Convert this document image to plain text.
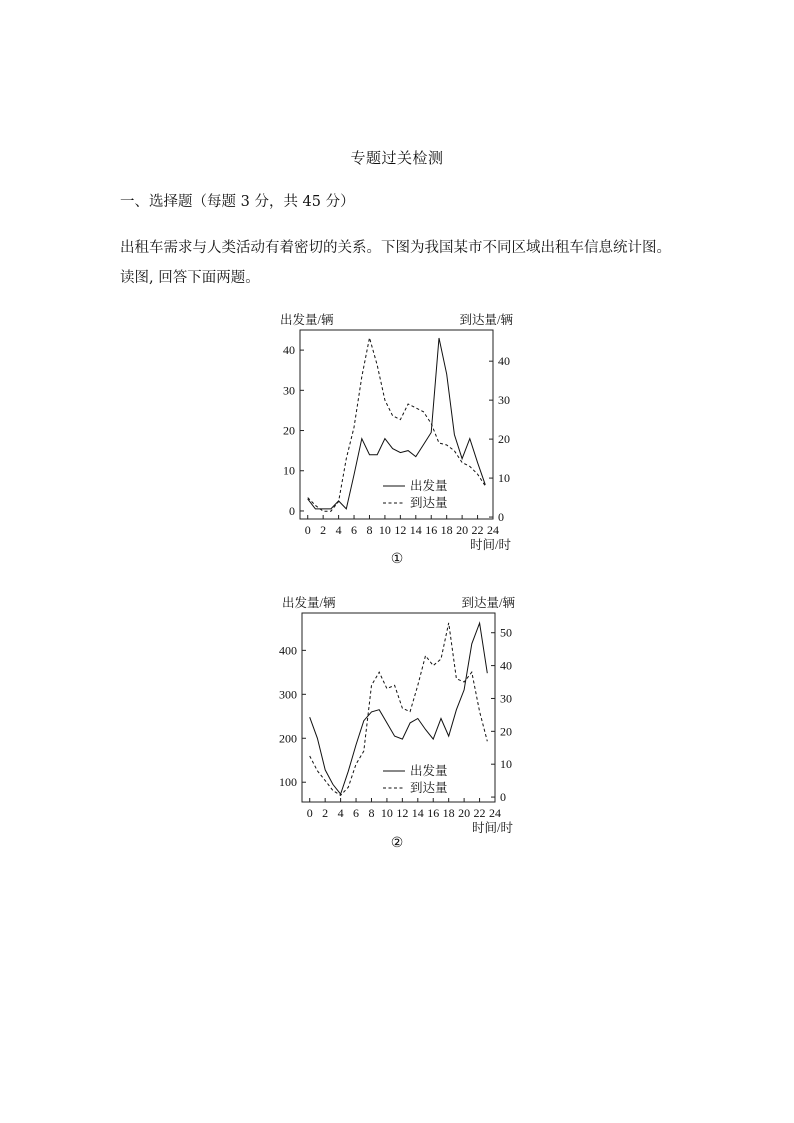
专题过关检测
一、选择题（每题 3 分，共 45 分）
出租车需求与人类活动有着密切的关系。下图为我国某市不同区域出租车信息统计图。
读图, 回答下面两题。
0
10
20
30
40
0
10
20
30
40
0 2 4 6 8 10 12 14 16 18 20 22 24
出发量/辆	到达量/辆
时间/时
出发量
到达量
①
100
200
300
400
0
10
20
30
40
50
0 2 4 6 8 10 12 14 16 18 20 22 24
出发量/辆	到达量/辆
时间/时
出发量
到达量
②
